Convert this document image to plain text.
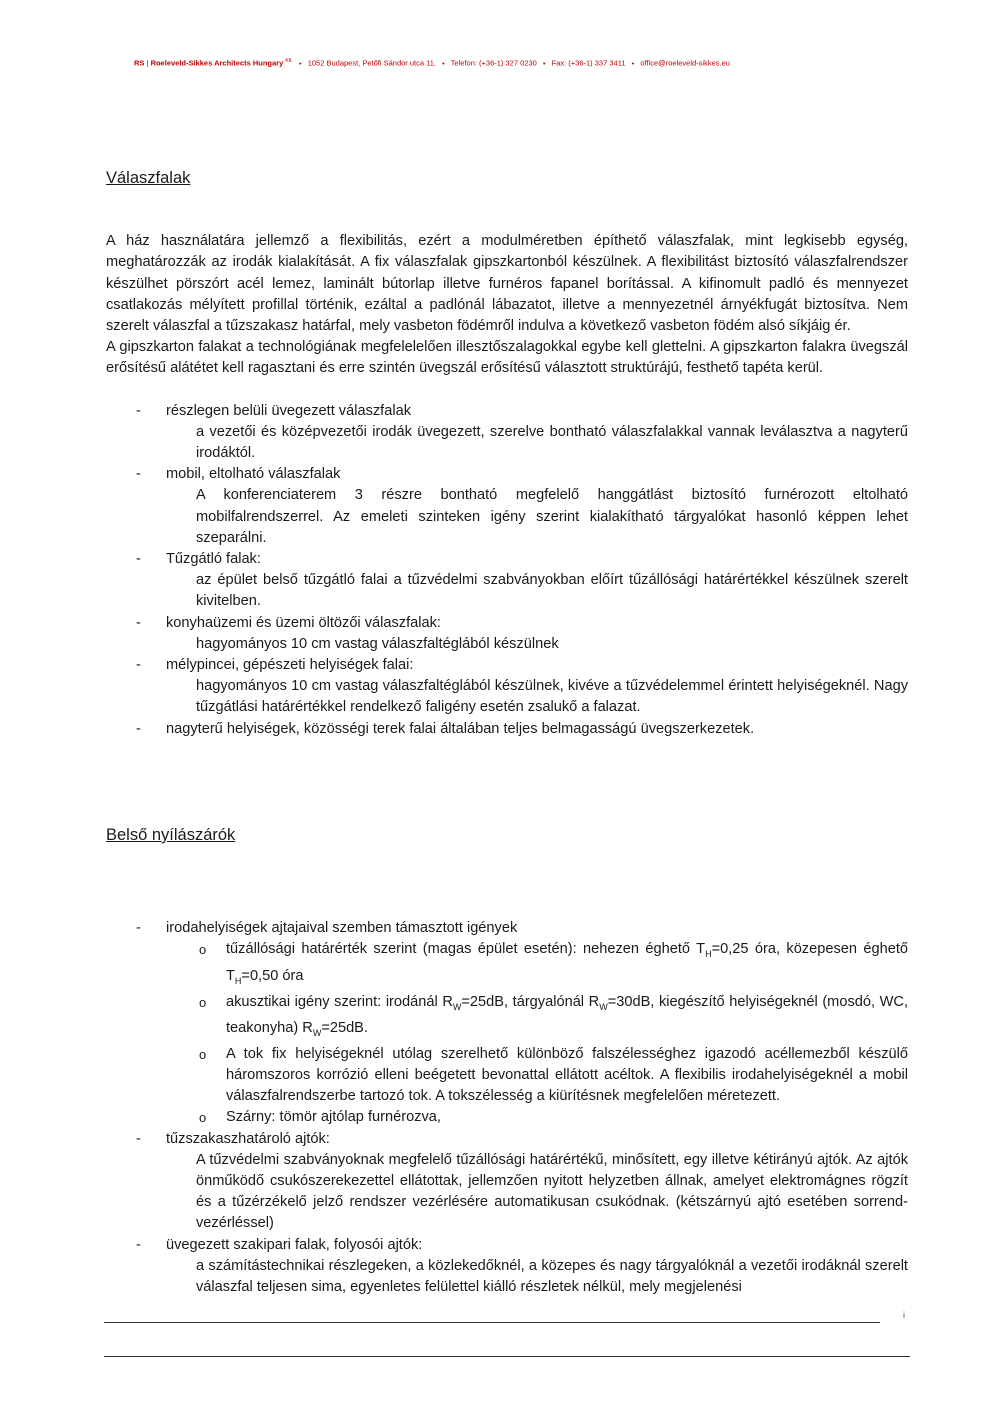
RS | Roeleveld-Sikkes Architects Hungary $^{Kft.}$ • 1052 Budapest, Petőfi Sándor utca 11. • Telefon: (+36-1) 327 0230 • Fax: (+36-1) 337 3411 • office@roeleveld-sikkes.eu
Válaszfalak

A ház használatára jellemző a flexibilitás, ezért a modulméretben építhető válaszfalak, mint legkisebb egység, meghatározzák az irodák kialakítását. A fix válaszfalak gipszkartonból készülnek. A flexibilitást biztosító válaszfalrendszer készülhet pörszórt acél lemez, laminált bútorlap illetve furnéros fapanel borítással. A kifinomult padló és mennyezet csatlakozás mélyített profillal történik, ezáltal a padlónál lábazatot, illetve a mennyezetnél árnyékfugát biztosítva. Nem szerelt válaszfal a tűzszakasz határfal, mely vasbeton födémről indulva a következő vasbeton födém alsó síkjáig ér.

A gipszkarton falakat a technológiának megfelelelően illesztőszalagokkal egybe kell glettelni. A gipszkarton falakra üvegszál erősítésű alátétet kell ragasztani és erre szintén üvegszál erősítésű választott struktúrájú, festhető tapéta kerül.

- részlegen belüli üvegezett válaszfalak
a vezetői és középvezetői irodák üvegezett, szerelve bontható válaszfalakkal vannak leválasztva a nagyterű irodáktól.
- mobil, eltolható válaszfalak
A konferenciaterem 3 részre bontható megfelelő hanggátlást biztosító furnérozott eltolható mobilfalrendszerrel. Az emeleti szinteken igény szerint kialakítható tárgyalókat hasonló képpen lehet szeparálni.
- Tűzgátló falak:
az épület belső tűzgátló falai a tűzvédelmi szabványokban előírt tűzállósági határértékkel készülnek szerelt kivitelben.
- konyhaüzemi és üzemi öltözői válaszfalak:
hagyományos 10 cm vastag válaszfaltéglából készülnek
- mélypincei, gépészeti helyiségek falai:
hagyományos 10 cm vastag válaszfaltéglából készülnek, kivéve a tűzvédelemmel érintett helyiségeknél. Nagy tűzgátlási határértékkel rendelkező faligény esetén zsalukő a falazat.
- nagyterű helyiségek, közösségi terek falai általában teljes belmagasságú üvegszerkezetek.
Belső nyílászárók
- irodahelyiségek ajtajaival szemben támasztott igények
o
tűzállósági határérték szerint (magas épület esetén): nehezen éghető $T_H=0,25$ óra, közepesen éghető $T_H=0,50$ óra
o
akusztikai igény szerint: irodánál $R_W=25dB$, tárgyalónál $R_W=30dB$, kiegészítő helyiségeknél (mosdó, WC, teakonyha) $R_W=25dB$.
o
A tok fix helyiségeknél utólag szerelhető különböző falszélességhez igazodó acéllemezből készülő háromszoros korrózió elleni beégetett bevonattal ellátott acéltok. A flexibilis irodahelyiségeknél a mobil válaszfalrendszerbe tartozó tok. A tokszélesség a kiürítésnek megfelelően méretezett.
o
Szárny: tömör ajtólap furnérozva,
- tűzszakaszhatároló ajtók:
A tűzvédelmi szabványoknak megfelelő tűzállósági határértékű, minősített, egy illetve kétirányú ajtók. Az ajtók önműködő csukószerekezettel ellátottak, jellemzően nyitott helyzetben állnak, amelyet elektromágnes rögzít és a tűzérzékelő jelző rendszer vezérlésére automatikusan csukódnak. (kétszárnyú ajtó esetében sorrend-vezérléssel)
- üvegezett szakipari falak, folyosói ajtók:
a számítástechnikai részlegeken, a közlekedőknél, a közepes és nagy tárgyalóknál a vezetői irodáknál szerelt válaszfal teljesen sima, egyenletes felülettel kiálló részletek nélkül, mely megjelenési
i
